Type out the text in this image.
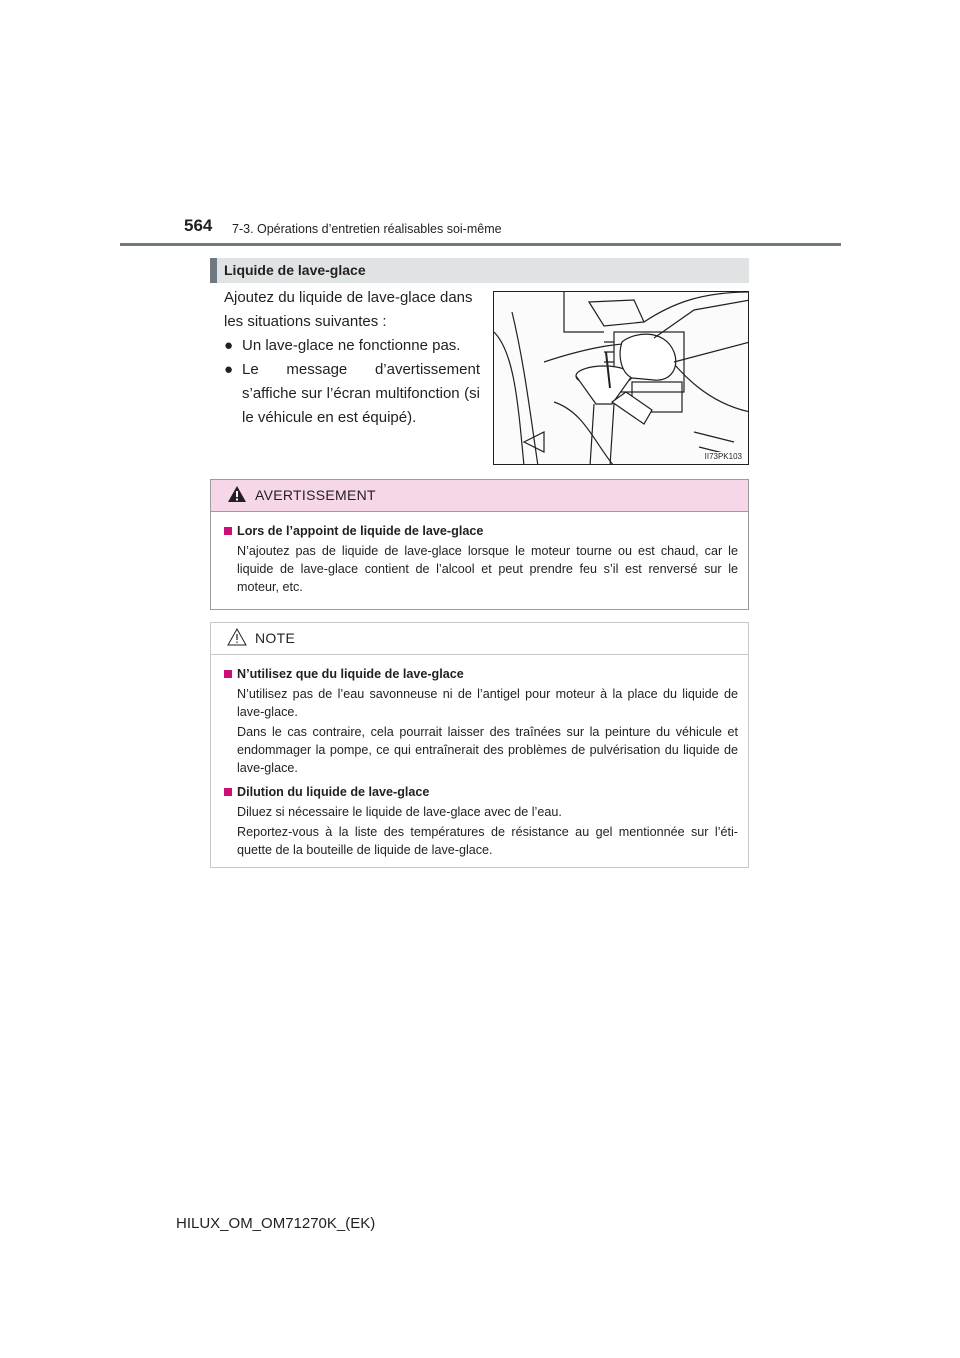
564 7-3. Opérations d’entretien réalisables soi-même
Liquide de lave-glace

Ajoutez du liquide de lave-glace dans

les situations suivantes :

● Un lave-glace ne fonctionne pas.

● Le message d’avertissement s’affiche sur l’écran multifonction (si le véhicule en est équipé).

II73PK103
AVERTISSEMENT
Lors de l’appoint de liquide de lave-glace

N’ajoutez pas de liquide de lave-glace lorsque le moteur tourne ou est chaud, car le liquide de lave-glace contient de l’alcool et peut prendre feu s’il est renversé sur le moteur, etc.

NOTE
N’utilisez que du liquide de lave-glace

N’utilisez pas de l’eau savonneuse ni de l’antigel pour moteur à la place du liquide de lave-glace.

Dans le cas contraire, cela pourrait laisser des traînées sur la peinture du véhicule et endommager la pompe, ce qui entraînerait des problèmes de pulvérisation du liquide de lave-glace.

Dilution du liquide de lave-glace

Diluez si nécessaire le liquide de lave-glace avec de l’eau.

Reportez-vous à la liste des températures de résistance au gel mentionnée sur l’éti-quette de la bouteille de liquide de lave-glace.

HILUX_OM_OM71270K_(EK)
